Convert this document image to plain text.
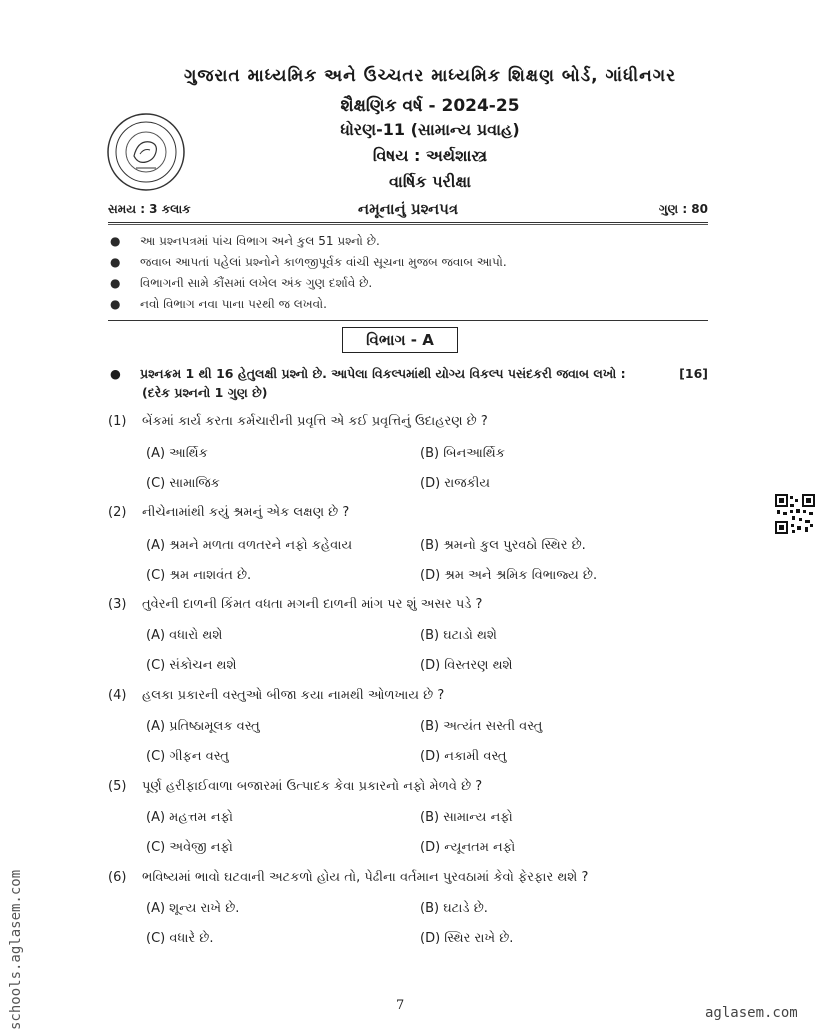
ગુજરાત માધ્યમિક અને ઉચ્ચતર માધ્યમિક શિક્ષણ બોર્ડ, ગાંધીનગર
શૈક્ષણિક વર્ષ - 2024-25
ધોરણ-11 (સામાન્ય પ્રવાહ)
વિષય : અર્થશાસ્ત્ર
વાર્ષિક પરીક્ષા
સમય : 3 કલાક	નમૂનાનું પ્રશ્નપત્ર	ગુણ : 80
● આ પ્રશ્નપત્રમાં પાંચ વિભાગ અને કુલ 51 પ્રશ્નો છે.
● જવાબ આપતાં પહેલાં પ્રશ્નોને કાળજીપૂર્વક વાંચી સૂચના મુજબ જવાબ આપો.
● વિભાગની સામે કૌંસમાં લખેલ અંક ગુણ દર્શાવે છે.
● નવો વિભાગ નવા પાના પરથી જ લખવો.
વિભાગ - A
● પ્રશ્નક્રમ 1 થી 16 હેતુલક્ષી પ્રશ્નો છે. આપેલા વિકલ્પમાંથી યોગ્ય વિકલ્પ પસંદકરી જવાબ લખો :	[16]
(દરેક પ્રશ્નનો 1 ગુણ છે)
(1) બેંકમાં કાર્ય કરતા કર્મચારીની પ્રવૃત્તિ એ કઈ પ્રવૃત્તિનું ઉદાહરણ છે ?
(A) આર્થિક	(B) બિનઆર્થિક
(C) સામાજિક	(D) રાજકીય
(2) નીચેનામાંથી કયું શ્રમનું એક લક્ષણ છે ?
(A) શ્રમને મળતા વળતરને નફો કહેવાય	(B) શ્રમનો કુલ પુરવઠો સ્થિર છે.
(C) શ્રમ નાશવંત છે.	(D) શ્રમ અને શ્રમિક વિભાજ્ય છે.
(3) તુવેરની દાળની કિંમત વધતા મગની દાળની માંગ પર શું અસર પડે ?
(A) વધારો થશે	(B) ઘટાડો થશે
(C) સંકોચન થશે	(D) વિસ્તરણ થશે
(4) હલકા પ્રકારની વસ્તુઓ બીજા કયા નામથી ઓળખાય છે ?
(A) પ્રતિષ્ઠામૂલક વસ્તુ	(B) અત્યંત સસ્તી વસ્તુ
(C) ગીફન વસ્તુ	(D) નકામી વસ્તુ
(5) પૂર્ણ હરીફાઈવાળા બજારમાં ઉત્પાદક કેવા પ્રકારનો નફો મેળવે છે ?
(A) મહત્તમ નફો	(B) સામાન્ય નફો
(C) અવેજી નફો	(D) ન્યૂનતમ નફો
(6) ભવિષ્યમાં ભાવો ઘટવાની અટકળો હોય તો, પેઢીના વર્તમાન પુરવઠામાં કેવો ફેરફાર થશે ?
(A) શૂન્ય રાખે છે.	(B) ઘટાડે છે.
(C) વધારે છે.	(D) સ્થિર રાખે છે.
schools.aglasem.com	7	aglasem.com
